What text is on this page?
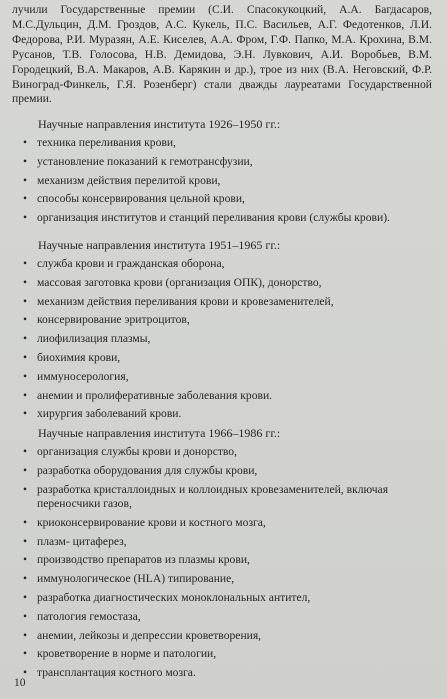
лучили Государственные премии (С.И. Спасокукоцкий, А.А. Багдасаров, М.С.Дульцин, Д.М. Гроздов, А.С. Кукель, П.С. Васильев, А.Г. Федотенков, Л.И. Федорова, Р.И. Муразян, А.Е. Киселев, А.А. Фром, Г.Ф. Папко, М.А. Крохина, В.М. Русанов, Т.В. Голосова, Н.В. Демидова, Э.Н. Лувкович, А.И. Воробьев, В.М. Городецкий, В.А. Макаров, А.В. Карякин и др.), трое из них (В.А. Неговский, Ф.Р. Виноград-Финкель, Г.Я. Розенберг) стали дважды лауреатами Государственной премии.

Научные направления института 1926–1950 гг.:

• техника переливания крови,
• установление показаний к гемотрансфузии,
• механизм действия перелитой крови,
• способы консервирования цельной крови,
• организация институтов и станций переливания крови (службы крови).

Научные направления института 1951–1965 гг.:

• служба крови и гражданская оборона,
• массовая заготовка крови (организация ОПК), донорство,
• механизм действия переливания крови и кровезаменителей,
• консервирование эритроцитов,
• лиофилизация плазмы,
• биохимия крови,
• иммуносерология,
• анемии и пролиферативные заболевания крови.
• хирургия заболеваний крови.

Научные направления института 1966–1986 гг.:

• организация службы крови и донорство,
• разработка оборудования для службы крови,
• разработка кристаллоидных и коллоидных кровезаменителей, включая переносчики газов,
• криоконсервирование крови и костного мозга,
• плазм- цитаферез,
• производство препаратов из плазмы крови,
• иммунологическое (HLA) типирование,
• разработка диагностических моноклональных антител,
• патология гемостаза,
• анемии, лейкозы и депрессии кроветворения,
• кроветворение в норме и патологии,
• трансплантация костного мозга.
10
